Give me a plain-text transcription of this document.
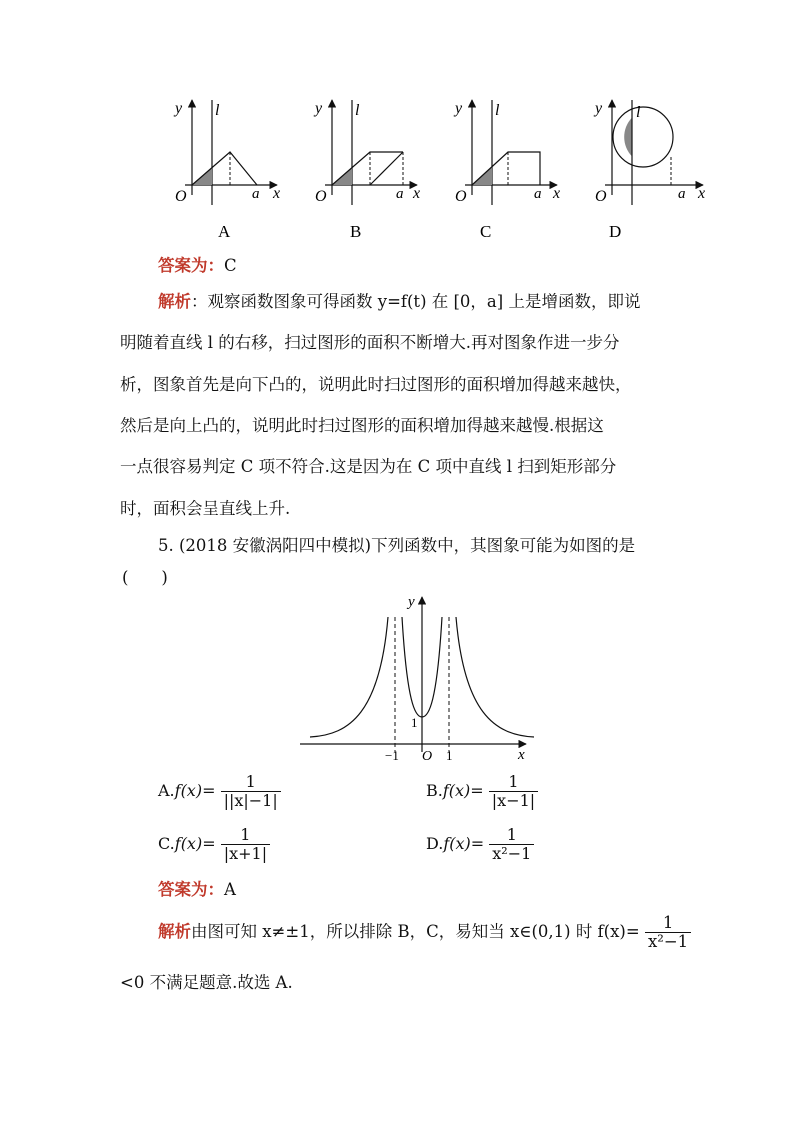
y l
O	a x
A
y l
O	a x
B
y l
O	a x
C
y l
O	a x
D
答案为：C
解析：观察函数图象可得函数 y=f(t) 在 [0，a] 上是增函数，即说
明随着直线 l 的右移，扫过图形的面积不断增大.再对图象作进一步分
析，图象首先是向下凸的，说明此时扫过图形的面积增加得越来越快，
然后是向上凸的，说明此时扫过图形的面积增加得越来越慢.根据这
一点很容易判定 C 项不符合.这是因为在 C 项中直线 l 扫到矩形部分
时，面积会呈直线上升.
5. (2018 安徽涡阳四中模拟)下列函数中，其图象可能为如图的是
(　　)
y
x
O
−1	1
1
$A.f(x)= \frac{1}{||x|-1|}$	$B.f(x)= \frac{1}{|x-1|}$
$C.f(x)= \frac{1}{|x+1|}$	$D.f(x)= \frac{1}{\text{x²−1}}$
答案为：A
解析由图可知 x≠±1，所以排除 B，C，易知当 x∈(0,1) 时 $f(x)= \frac{1}{\text{x²−1}}$
<0 不满足题意.故选 A.
